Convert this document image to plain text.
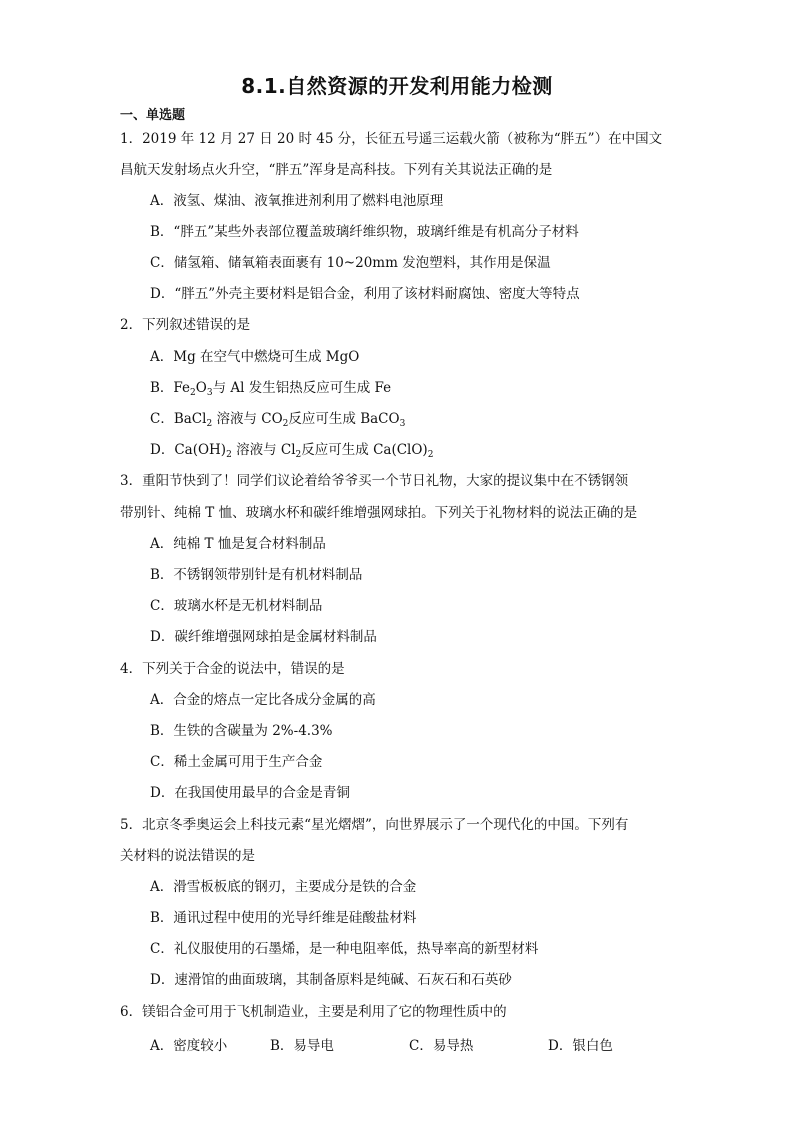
8.1.自然资源的开发利用能力检测
一、单选题
1．2019 年 12 月 27 日 20 时 45 分，长征五号遥三运载火箭（被称为“胖五”）在中国文
昌航天发射场点火升空，“胖五”浑身是高科技。下列有关其说法正确的是
A．液氢、煤油、液氧推进剂利用了燃料电池原理
B．“胖五”某些外表部位覆盖玻璃纤维织物，玻璃纤维是有机高分子材料
C．储氢箱、储氧箱表面裹有 10~20mm 发泡塑料，其作用是保温
D．“胖五”外壳主要材料是铝合金，利用了该材料耐腐蚀、密度大等特点
2．下列叙述错误的是
A．Mg 在空气中燃烧可生成 MgO
B．$Fe_2O_3$与 Al 发生铝热反应可生成 Fe
C．BaCl$_2$ 溶液与 $CO_2$反应可生成 BaCO$_3$
D．$Ca(OH)_2$ 溶液与 $Cl_2$反应可生成 $Ca(ClO)_2$
3．重阳节快到了！同学们议论着给爷爷买一个节日礼物，大家的提议集中在不锈钢领
带别针、纯棉 T 恤、玻璃水杯和碳纤维增强网球拍。下列关于礼物材料的说法正确的是
A．纯棉 T 恤是复合材料制品
B．不锈钢领带别针是有机材料制品
C．玻璃水杯是无机材料制品
D．碳纤维增强网球拍是金属材料制品
4．下列关于合金的说法中，错误的是
A．合金的熔点一定比各成分金属的高
B．生铁的含碳量为 2%-4.3%
C．稀土金属可用于生产合金
D．在我国使用最早的合金是青铜
5．北京冬季奥运会上科技元素“星光熠熠”，向世界展示了一个现代化的中国。下列有
关材料的说法错误的是
A．滑雪板板底的钢刃，主要成分是铁的合金
B．通讯过程中使用的光导纤维是硅酸盐材料
C．礼仪服使用的石墨烯，是一种电阻率低，热导率高的新型材料
D．速滑馆的曲面玻璃，其制备原料是纯碱、石灰石和石英砂
6．镁铝合金可用于飞机制造业，主要是利用了它的物理性质中的
A．密度较小	B．易导电	C．易导热	D．银白色
